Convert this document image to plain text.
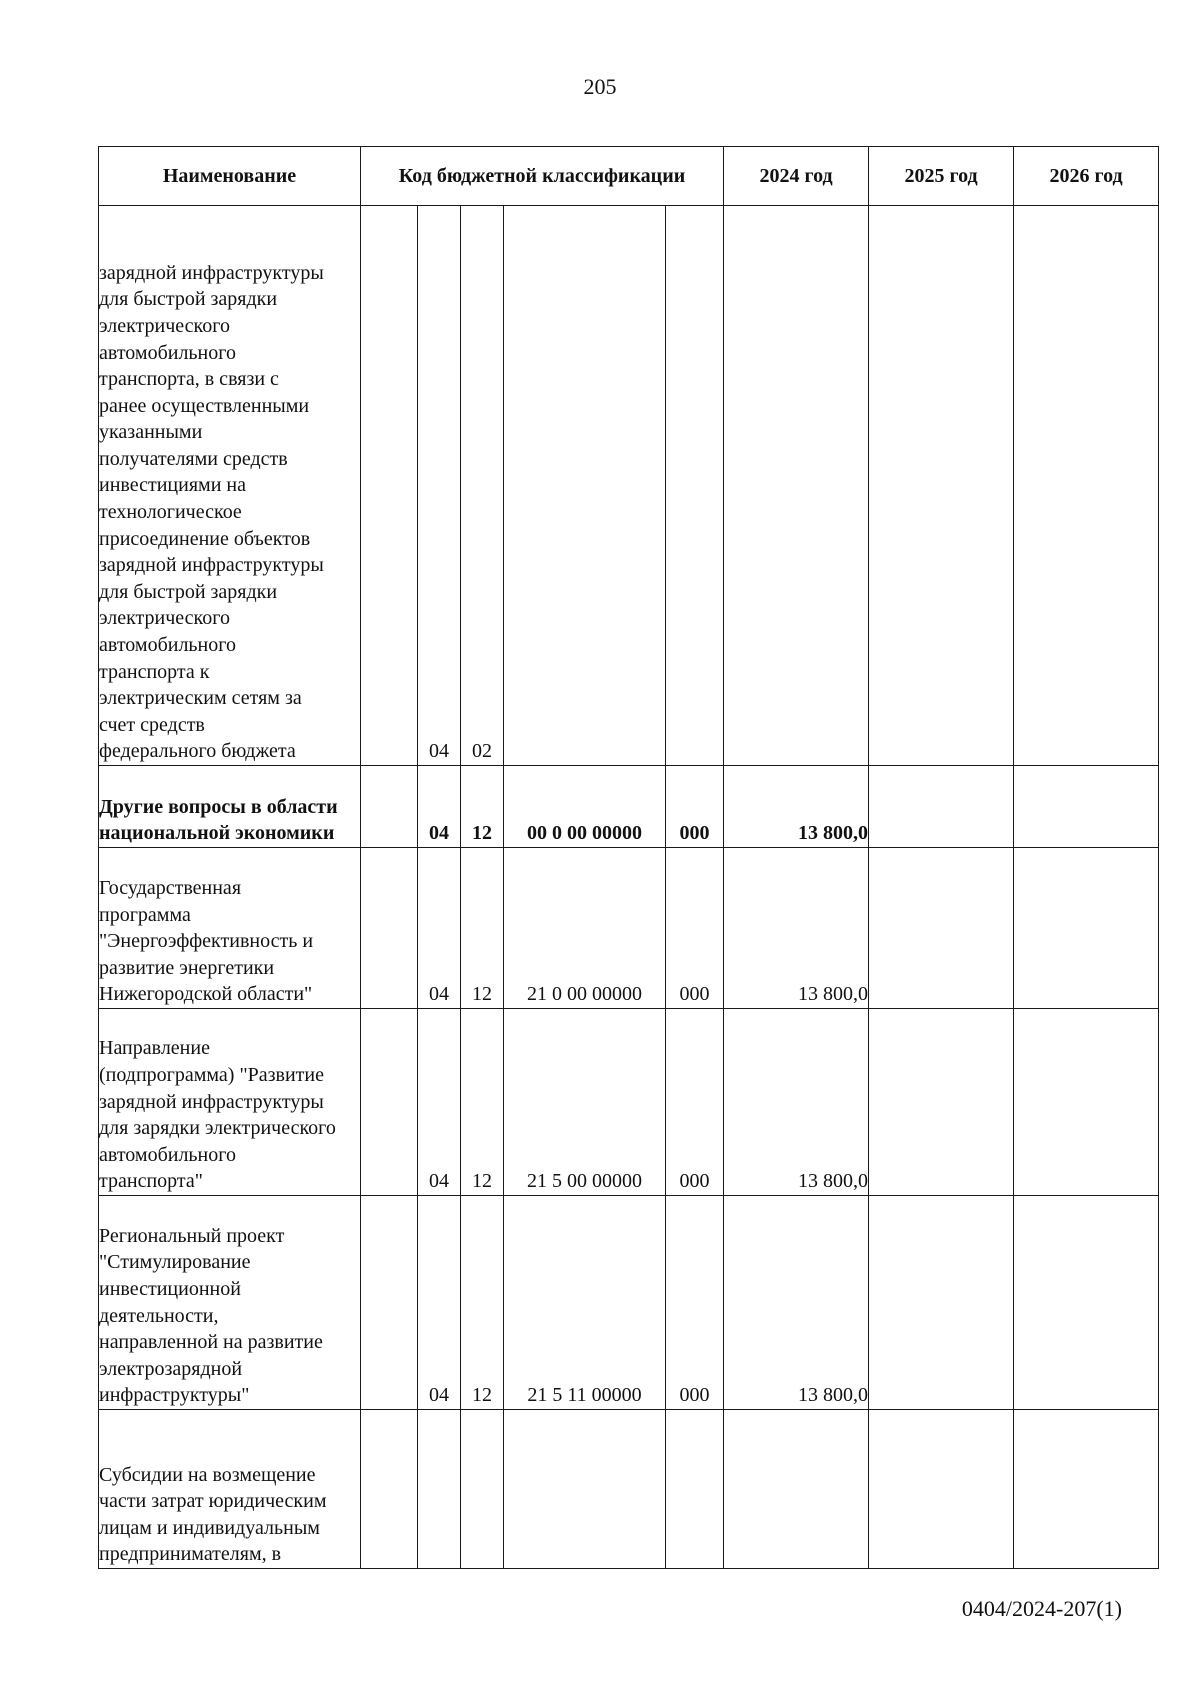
205
Наименование	Код бюджетной классификации					2024 год	2025 год	2026 год

зарядной инфраструктуры для быстрой зарядки электрического автомобильного транспорта, в связи с ранее осуществленными указанными получателями средств инвестициями на технологическое присоединение объектов зарядной инфраструктуры для быстрой зарядки электрического автомобильного транспорта к электрическим сетям за счет средств федерального бюджета		04	02					

Другие вопросы в области национальной экономики		04	12	00 0 00 00000	000	13 800,0		

Государственная программа "Энергоэффективность и развитие энергетики Нижегородской области"		04	12	21 0 00 00000	000	13 800,0		

Направление (подпрограмма) "Развитие зарядной инфраструктуры для зарядки электрического автомобильного транспорта"		04	12	21 5 00 00000	000	13 800,0		

Региональный проект "Стимулирование инвестиционной деятельности, направленной на развитие электрозарядной инфраструктуры"		04	12	21 5 11 00000	000	13 800,0		

Субсидии на возмещение части затрат юридическим лицам и индивидуальным предпринимателям, в								

0404/2024-207(1)
